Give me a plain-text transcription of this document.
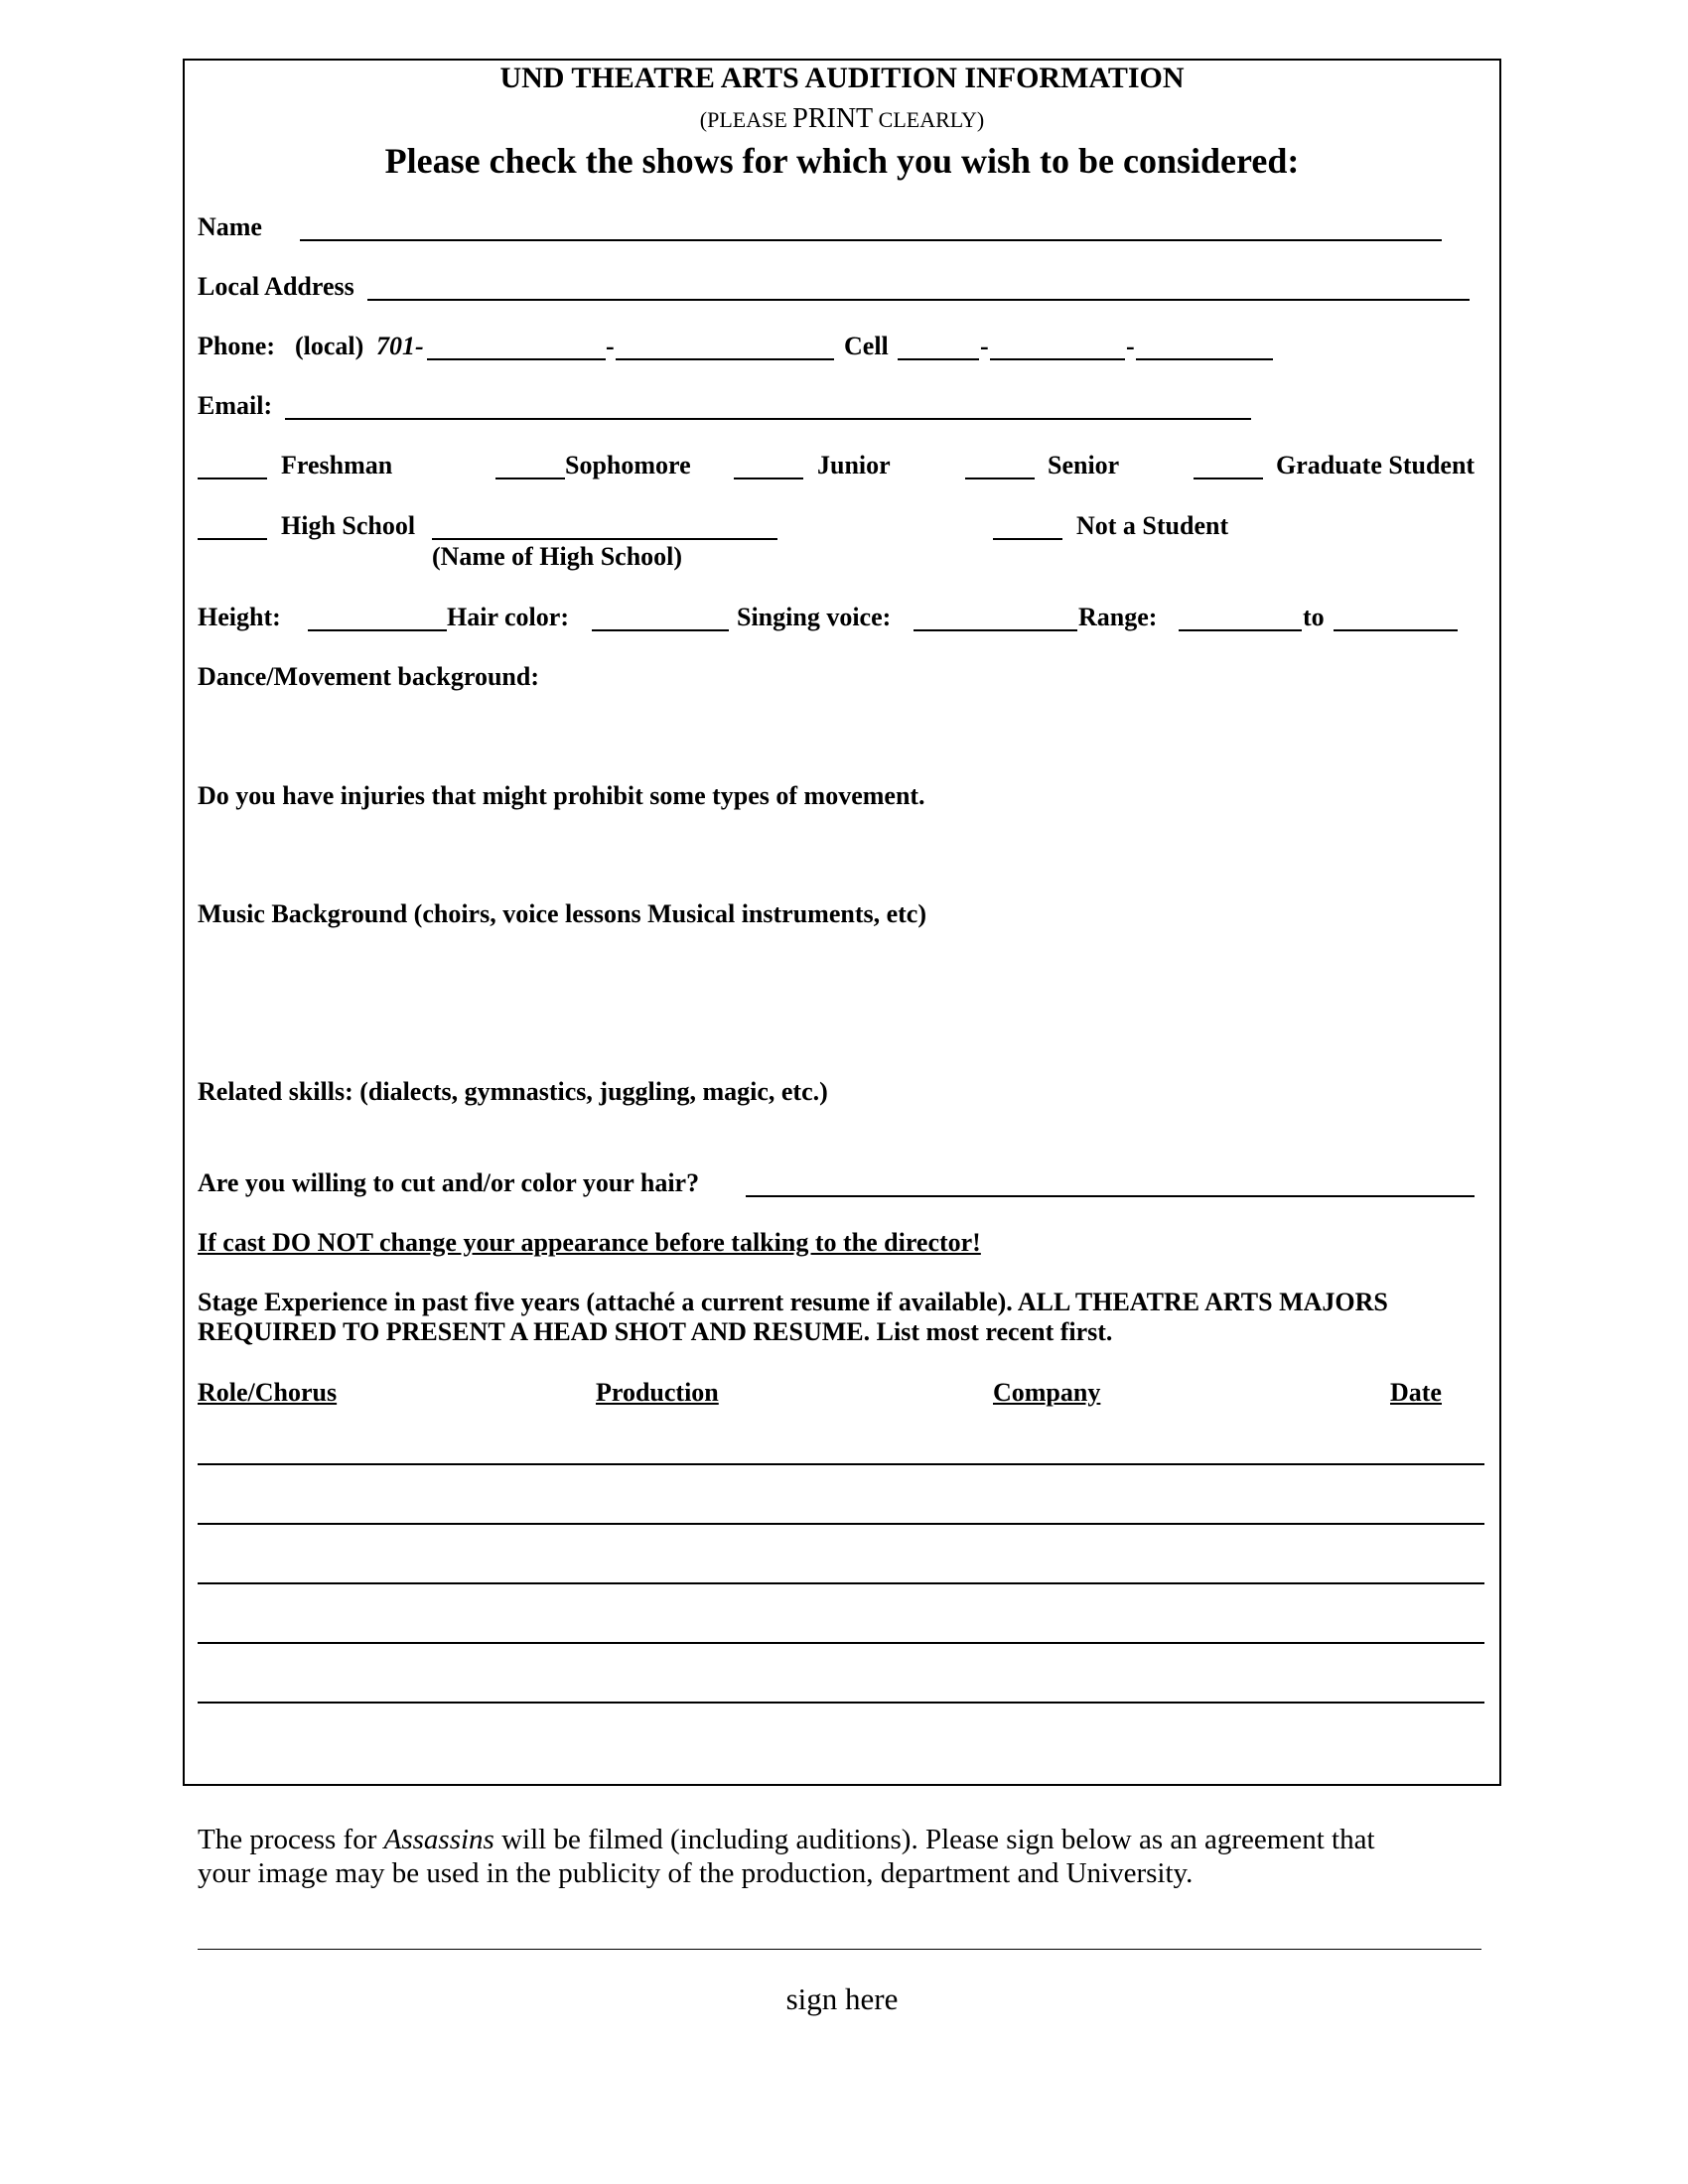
UND THEATRE ARTS AUDITION INFORMATION
(PLEASE PRINT CLEARLY)
Please check the shows for which you wish to be considered:
Name
Local Address
Phone: (local) 701-	-	Cell	-	-
Email:
Freshman	Sophomore	Junior	Senior	Graduate Student
High School
(Name of High School)
Not a Student
Height:	Hair color:	Singing voice:	Range:	to
Dance/Movement background:
Do you have injuries that might prohibit some types of movement.
Music Background (choirs, voice lessons Musical instruments, etc)
Related skills: (dialects, gymnastics, juggling, magic, etc.)
Are you willing to cut and/or color your hair?
If cast DO NOT change your appearance before talking to the director!
Stage Experience in past five years (attaché a current resume if available). ALL THEATRE ARTS MAJORS
REQUIRED TO PRESENT A HEAD SHOT AND RESUME. List most recent first.
Role/Chorus	Production	Company	Date
The process for Assassins will be filmed (including auditions). Please sign below as an agreement that
your image may be used in the publicity of the production, department and University.
sign here
